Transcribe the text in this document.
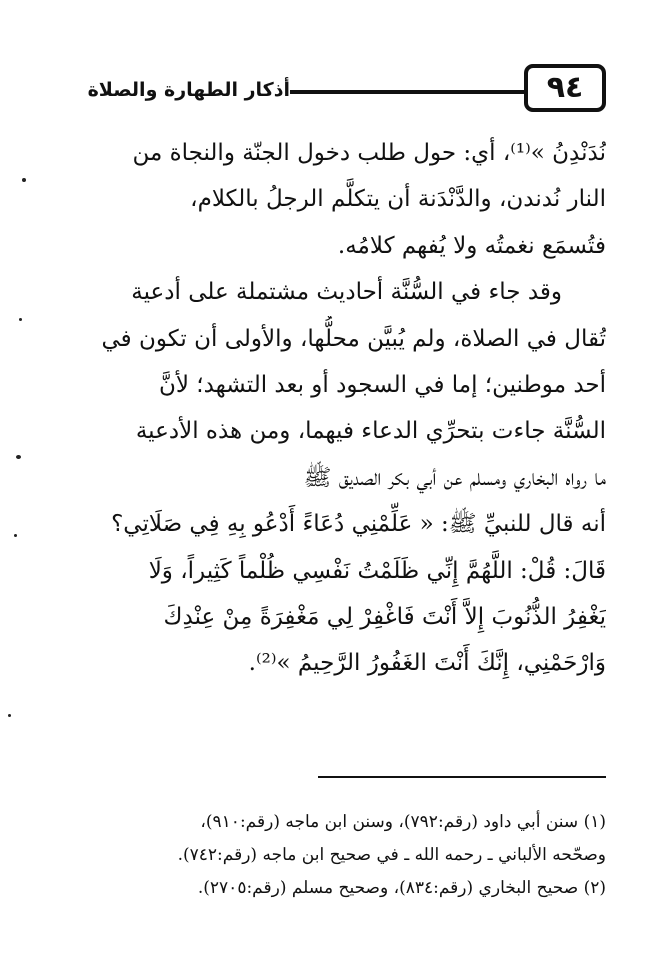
٩٤
أذكار الطهارة والصلاة

نُدَنْدِنُ »⁽¹⁾، أي: حول طلب دخول الجنّة والنجاة من
النار نُدندن، والدَّنْدَنة أن يتكلَّم الرجلُ بالكلام،
فتُسمَع نغمتُه ولا يُفهم كلامُه.

وقد جاء في السُّنَّة أحاديث مشتملة على أدعية
تُقال في الصلاة، ولم يُبيَّن محلُّها، والأولى أن تكون في
أحد موطنين؛ إما في السجود أو بعد التشهد؛ لأنَّ
السُّنَّة جاءت بتحرِّي الدعاء فيهما، ومن هذه الأدعية
ما رواه البخاري ومسلم عن أبي بكر الصديق ﷺ
أنه قال للنبيِّ ﷺ: « عَلِّمْنِي دُعَاءً أَدْعُو بِهِ فِي صَلَاتِي؟
قَالَ: قُلْ: اللَّهُمَّ إِنِّي ظَلَمْتُ نَفْسِي ظُلْماً كَثِيراً، وَلَا
يَغْفِرُ الذُّنُوبَ إِلاَّ أَنْتَ فَاغْفِرْ لِي مَغْفِرَةً مِنْ عِنْدِكَ
وَارْحَمْنِي، إِنَّكَ أَنْتَ الغَفُورُ الرَّحِيمُ »⁽²⁾.

(١) سنن أبي داود (رقم:٧٩٢)، وسنن ابن ماجه (رقم:٩١٠)،
وصحّحه الألباني ـ رحمه الله ـ في صحيح ابن ماجه (رقم:٧٤٢).
(٢) صحيح البخاري (رقم:٨٣٤)، وصحيح مسلم (رقم:٢٧٠٥).
